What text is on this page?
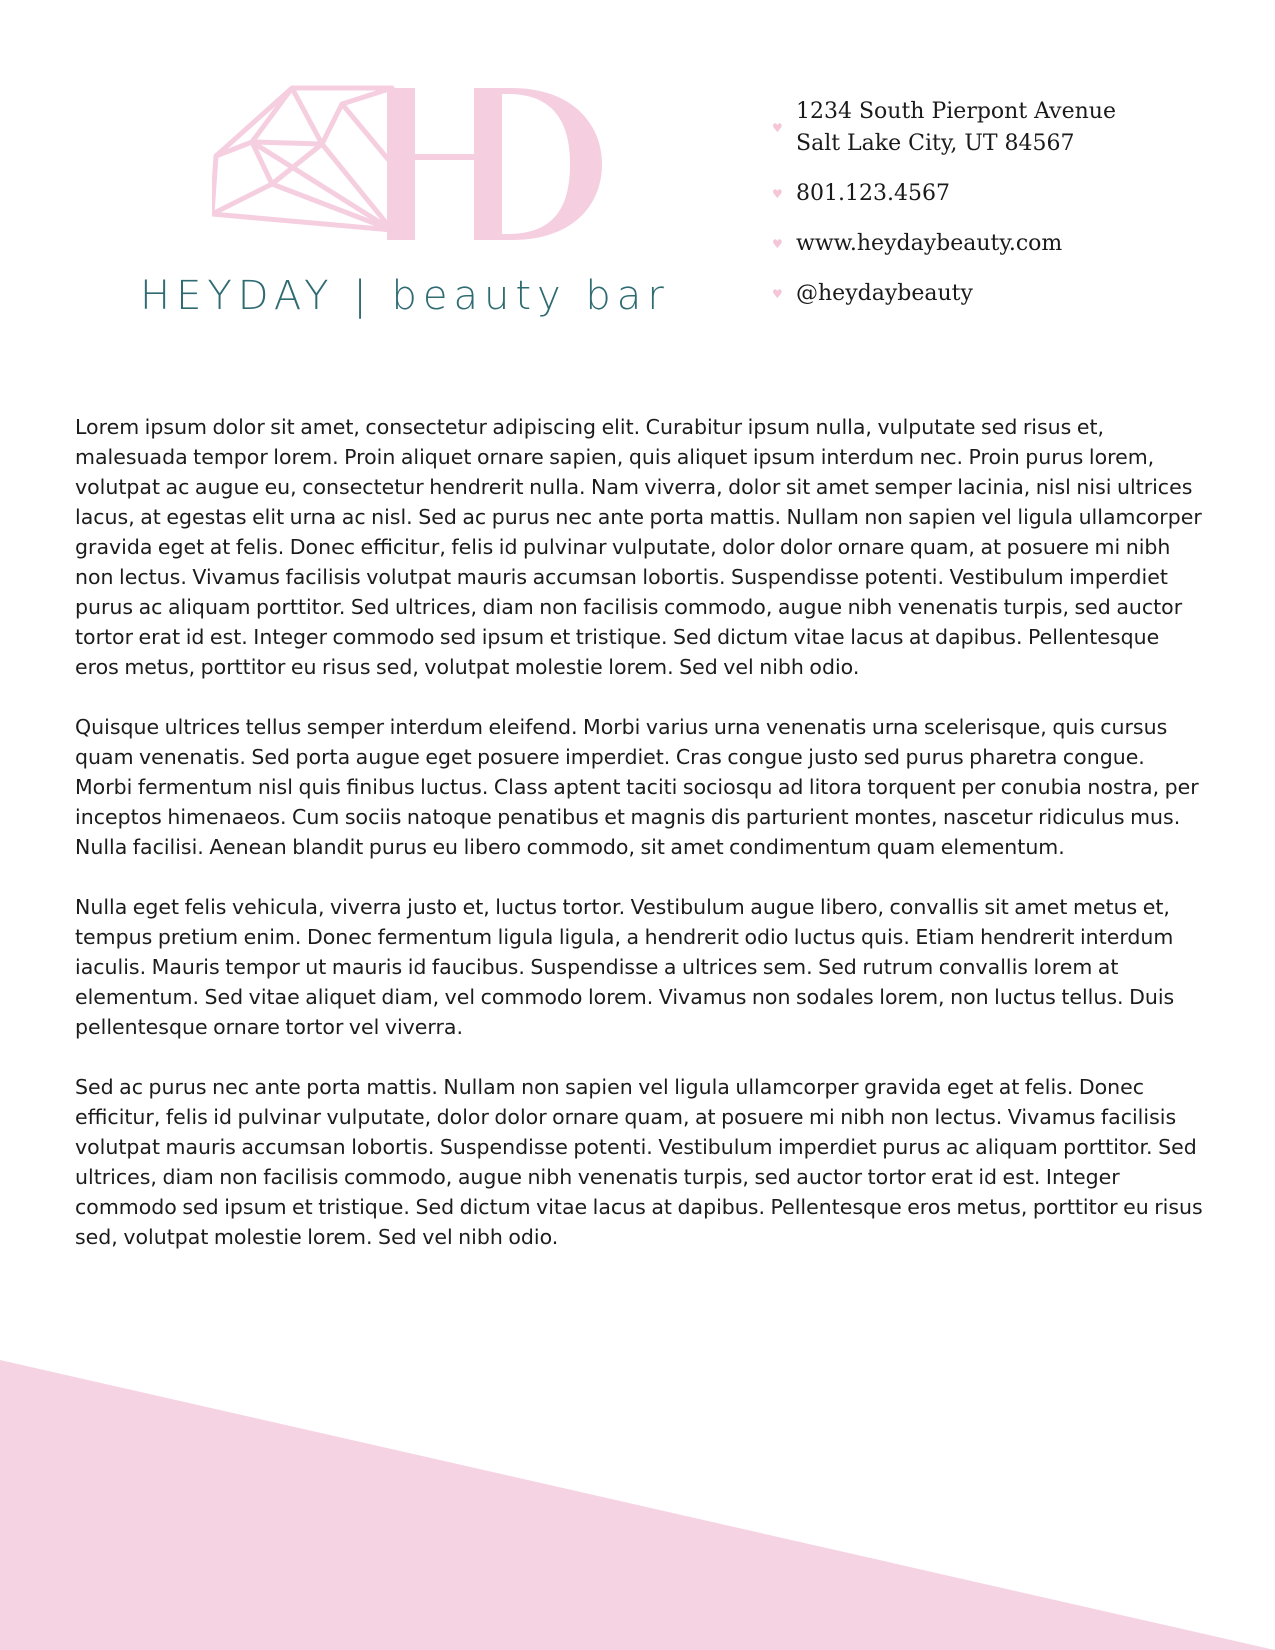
HEYDAY | beauty bar
♥
1234 South Pierpont Avenue
Salt Lake City, UT 84567
♥ 801.123.4567
♥ www.heydaybeauty.com
♥ @heydaybeauty

Lorem ipsum dolor sit amet, consectetur adipiscing elit. Curabitur ipsum nulla, vulputate sed risus et, malesuada tempor lorem. Proin aliquet ornare sapien, quis aliquet ipsum interdum nec. Proin purus lorem, volutpat ac augue eu, consectetur hendrerit nulla. Nam viverra, dolor sit amet semper lacinia, nisl nisi ultrices lacus, at egestas elit urna ac nisl. Sed ac purus nec ante porta mattis. Nullam non sapien vel ligula ullamcorper gravida eget at felis. Donec efficitur, felis id pulvinar vulputate, dolor dolor ornare quam, at posuere mi nibh non lectus. Vivamus facilisis volutpat mauris accumsan lobortis. Suspendisse potenti. Vestibulum imperdiet purus ac aliquam porttitor. Sed ultrices, diam non facilisis commodo, augue nibh venenatis turpis, sed auctor tortor erat id est. Integer commodo sed ipsum et tristique. Sed dictum vitae lacus at dapibus. Pellentesque eros metus, porttitor eu risus sed, volutpat molestie lorem. Sed vel nibh odio.

Quisque ultrices tellus semper interdum eleifend. Morbi varius urna venenatis urna scelerisque, quis cursus quam venenatis. Sed porta augue eget posuere imperdiet. Cras congue justo sed purus pharetra congue. Morbi fermentum nisl quis finibus luctus. Class aptent taciti sociosqu ad litora torquent per conubia nostra, per inceptos himenaeos. Cum sociis natoque penatibus et magnis dis parturient montes, nascetur ridiculus mus. Nulla facilisi. Aenean blandit purus eu libero commodo, sit amet condimentum quam elementum.

Nulla eget felis vehicula, viverra justo et, luctus tortor. Vestibulum augue libero, convallis sit amet metus et, tempus pretium enim. Donec fermentum ligula ligula, a hendrerit odio luctus quis. Etiam hendrerit interdum iaculis. Mauris tempor ut mauris id faucibus. Suspendisse a ultrices sem. Sed rutrum convallis lorem at elementum. Sed vitae aliquet diam, vel commodo lorem. Vivamus non sodales lorem, non luctus tellus. Duis pellentesque ornare tortor vel viverra.

Sed ac purus nec ante porta mattis. Nullam non sapien vel ligula ullamcorper gravida eget at felis. Donec efficitur, felis id pulvinar vulputate, dolor dolor ornare quam, at posuere mi nibh non lectus. Vivamus facilisis volutpat mauris accumsan lobortis. Suspendisse potenti. Vestibulum imperdiet purus ac aliquam porttitor. Sed ultrices, diam non facilisis commodo, augue nibh venenatis turpis, sed auctor tortor erat id est. Integer commodo sed ipsum et tristique. Sed dictum vitae lacus at dapibus. Pellentesque eros metus, porttitor eu risus sed, volutpat molestie lorem. Sed vel nibh odio.
